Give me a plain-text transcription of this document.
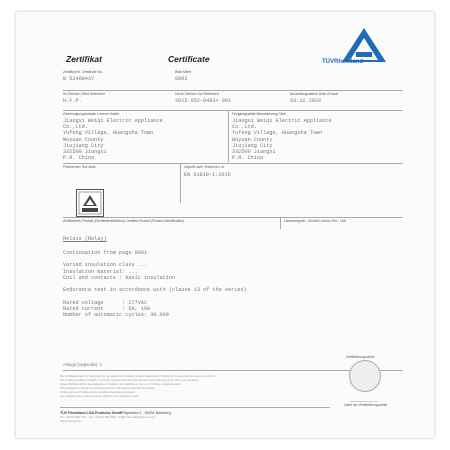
Zertifikat	Certificate	TÜVRheinland
Zertifikat Nr. Certificate No.
B 52400437
Blatt Sheet
0002
Ihr Zeichen Client Reference
H.F.P.
Unser Zeichen Our Reference
2015-052-6483+ 001
Ausstellungsdatum Date of Issue
03.12.2020
Genehmigungsinhaber License Holder
Jiangxi Weiqi Electric Appliance
Co.,Ltd.
Yufeng Village, Huangsha Town
Wuyuan County
Jiujiang City
332500 Jiangxi
P.R. China
Fertigungsstätte Manufacturing Plant
Jiangxi Weiqi Electric Appliance
Co.,Ltd.
Yufeng Village, Huangsha Town
Wuyuan County
Jiujiang City
332500 Jiangxi
P.R. China
Prüfzeichen Test Mark	Geprüft nach Tested acc. to
EN 61810-1:2015
Zertifiziertes Produkt (Geräteidentifikation) Certified Product (Product Identification)	Lizenzentgelte - Einheit License Fee - Unit
Relais (Relay)
Continuation from page 0001

Varied insulation class ...
Insulation material: ...
Coil and contacts : basic insulation

Endurance test in accordance with (clause 13 of the series)

Rated voltage      : 277VAC
Rated current      : 5A, 16A
Number of automatic cycles: 30.000
Anlage (Appendix): 1
Der Zertifikatsinhaber ist berechtigt, die hier genannten Produkte mit dem abgebildeten Prüfzeichen zu kennzeichnen und zu vertreiben.
The certificate holder is entitled to mark the products listed here with the test mark shown and to put them into circulation.
Dieses Zertifikat gilt für das angegebene Produkt in der Ausführung, wie es zur Prüfung vorgestellt wurde.
This certificate is valid for the specified product in the version submitted for testing.
Änderungen am Produkt sind der Zertifizierungsstelle anzuzeigen.
Any changes to the product must be notified to the certification body.
Zertifizierungsstelle
Leiter der Zertifizierungsstelle
TÜV Rheinland LGA Products GmbH Tillystraße 2 · 90431 Nürnberg
Tel.: +49 221 806-1371 · Fax: +49 221 806-3935 · E-Mail: cert-validity@de.tuv.com
http://www.tuv.com
